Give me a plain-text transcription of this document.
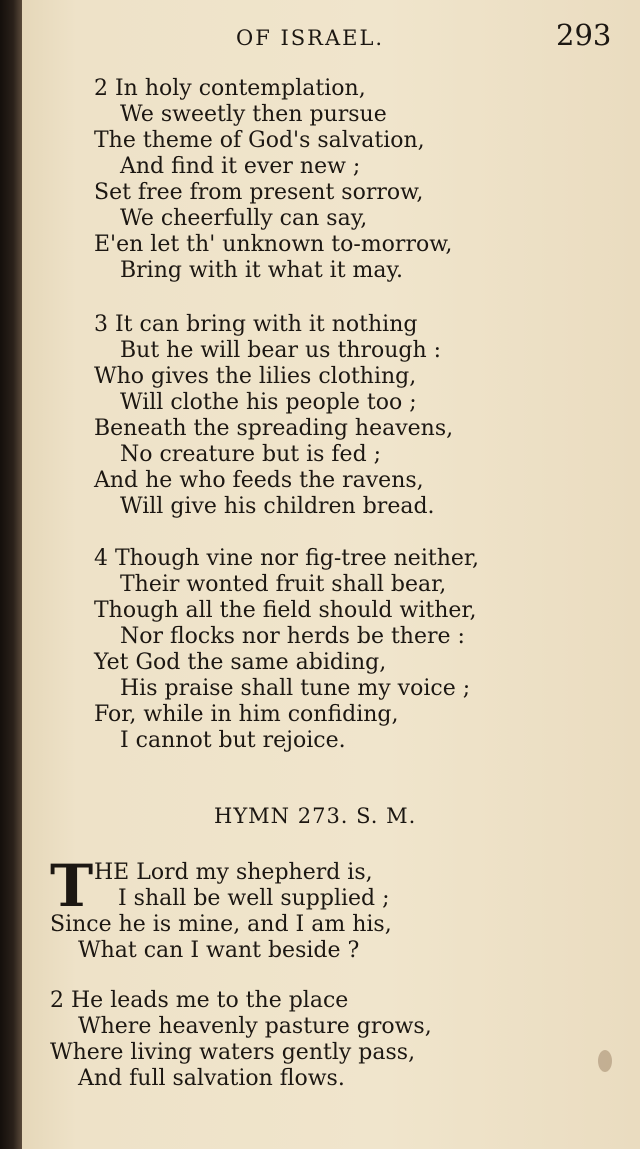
OF ISRAEL.	293
2 In holy contemplation,
We sweetly then pursue
The theme of God's salvation,
And find it ever new ;
Set free from present sorrow,
We cheerfully can say,
E'en let th' unknown to-morrow,
Bring with it what it may.
3 It can bring with it nothing
But he will bear us through :
Who gives the lilies clothing,
Will clothe his people too ;
Beneath the spreading heavens,
No creature but is fed ;
And he who feeds the ravens,
Will give his children bread.
4 Though vine nor fig-tree neither,
Their wonted fruit shall bear,
Though all the field should wither,
Nor flocks nor herds be there :
Yet God the same abiding,
His praise shall tune my voice ;
For, while in him confiding,
I cannot but rejoice.
HYMN 273. S. M.
T HE Lord my shepherd is,
I shall be well supplied ;
Since he is mine, and I am his,
What can I want beside ?
2 He leads me to the place
Where heavenly pasture grows,
Where living waters gently pass,
And full salvation flows.
